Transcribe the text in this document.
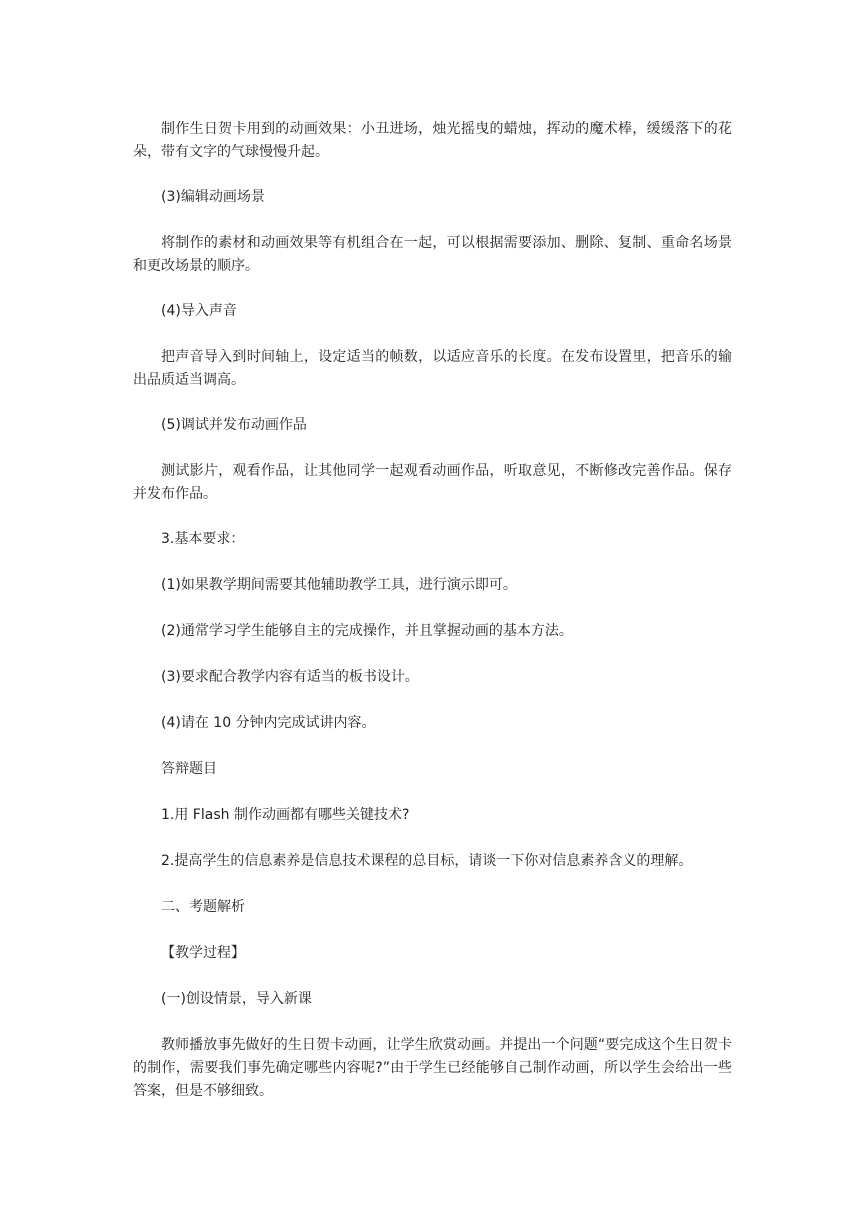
制作生日贺卡用到的动画效果：小丑进场，烛光摇曳的蜡烛，挥动的魔术棒，缓缓落下的花朵，带有文字的气球慢慢升起。

(3)编辑动画场景

将制作的素材和动画效果等有机组合在一起，可以根据需要添加、删除、复制、重命名场景和更改场景的顺序。

(4)导入声音

把声音导入到时间轴上，设定适当的帧数，以适应音乐的长度。在发布设置里，把音乐的输出品质适当调高。

(5)调试并发布动画作品

测试影片，观看作品，让其他同学一起观看动画作品，听取意见，不断修改完善作品。保存并发布作品。

3.基本要求：

(1)如果教学期间需要其他辅助教学工具，进行演示即可。

(2)通常学习学生能够自主的完成操作，并且掌握动画的基本方法。

(3)要求配合教学内容有适当的板书设计。

(4)请在 10 分钟内完成试讲内容。

答辩题目

1.用 Flash 制作动画都有哪些关键技术?

2.提高学生的信息素养是信息技术课程的总目标，请谈一下你对信息素养含义的理解。

二、考题解析

【教学过程】

(一)创设情景，导入新课

教师播放事先做好的生日贺卡动画，让学生欣赏动画。并提出一个问题“要完成这个生日贺卡的制作，需要我们事先确定哪些内容呢?”由于学生已经能够自己制作动画，所以学生会给出一些答案，但是不够细致。
